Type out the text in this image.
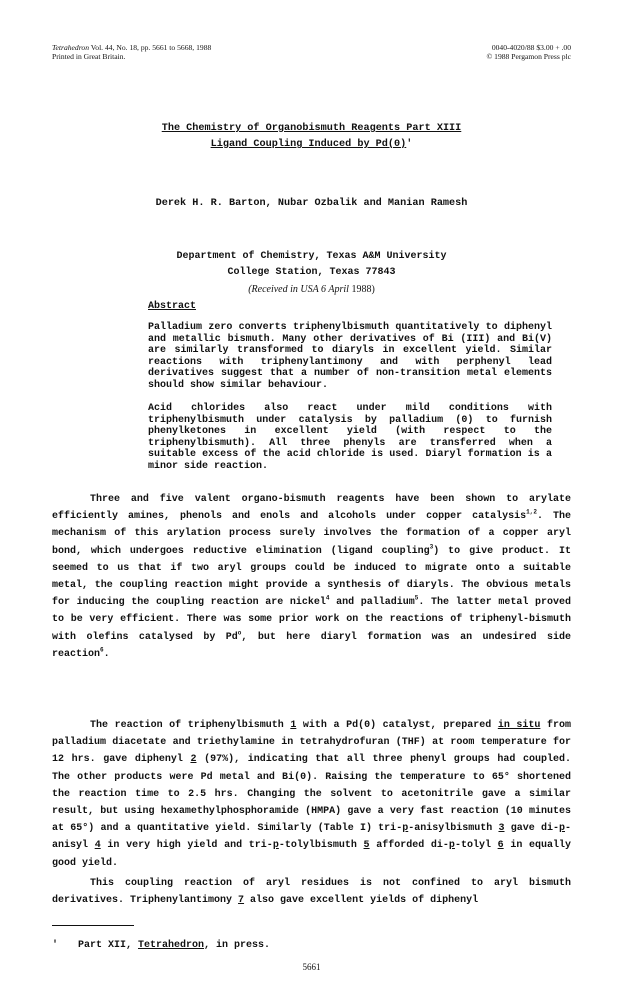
Tetrahedron Vol. 44, No. 18, pp. 5661 to 5668, 1988
Printed in Great Britain.
0040-4020/88 $3.00 + .00
© 1988 Pergamon Press plc
The Chemistry of Organobismuth Reagents Part XIII
Ligand Coupling Induced by Pd(0)'
Derek H. R. Barton, Nubar Ozbalik and Manian Ramesh
Department of Chemistry, Texas A&M University
College Station, Texas 77843
(Received in USA 6 April 1988)
Abstract
Palladium zero converts triphenylbismuth quantitatively to diphenyl and metallic bismuth. Many other derivatives of Bi (III) and Bi(V) are similarly transformed to diaryls in excellent yield. Similar reactions with triphenylantimony and with perphenyl lead derivatives suggest that a number of non-transition metal elements should show similar behaviour.
Acid chlorides also react under mild conditions with triphenylbismuth under catalysis by palladium (0) to furnish phenylketones in excellent yield (with respect to the triphenylbismuth). All three phenyls are transferred when a suitable excess of the acid chloride is used. Diaryl formation is a minor side reaction.
Three and five valent organo-bismuth reagents have been shown to arylate efficiently amines, phenols and enols and alcohols under copper catalysis$^{1,2}$. The mechanism of this arylation process surely involves the formation of a copper aryl bond, which undergoes reductive elimination (ligand coupling$^3$) to give product. It seemed to us that if two aryl groups could be induced to migrate onto a suitable metal, the coupling reaction might provide a synthesis of diaryls. The obvious metals for inducing the coupling reaction are nickel$^4$ and palladium$^5$. The latter metal proved to be very efficient. There was some prior work on the reactions of triphenyl-bismuth with olefins catalysed by Pd$^o$, but here diaryl formation was an undesired side reaction$^6$.
The reaction of triphenylbismuth 1 with a Pd(0) catalyst, prepared in situ from palladium diacetate and triethylamine in tetrahydrofuran (THF) at room temperature for 12 hrs. gave diphenyl 2 (97%), indicating that all three phenyl groups had coupled. The other products were Pd metal and Bi(0). Raising the temperature to 65° shortened the reaction time to 2.5 hrs. Changing the solvent to acetonitrile gave a similar result, but using hexamethylphosphoramide (HMPA) gave a very fast reaction (10 minutes at 65°) and a quantitative yield. Similarly (Table I) tri-p-anisylbismuth 3 gave di-p-anisyl 4 in very high yield and tri-p-tolylbismuth 5 afforded di-p-tolyl 6 in equally good yield.
This coupling reaction of aryl residues is not confined to aryl bismuth derivatives. Triphenylantimony 7 also gave excellent yields of diphenyl
' Part XII, Tetrahedron, in press.
5661
